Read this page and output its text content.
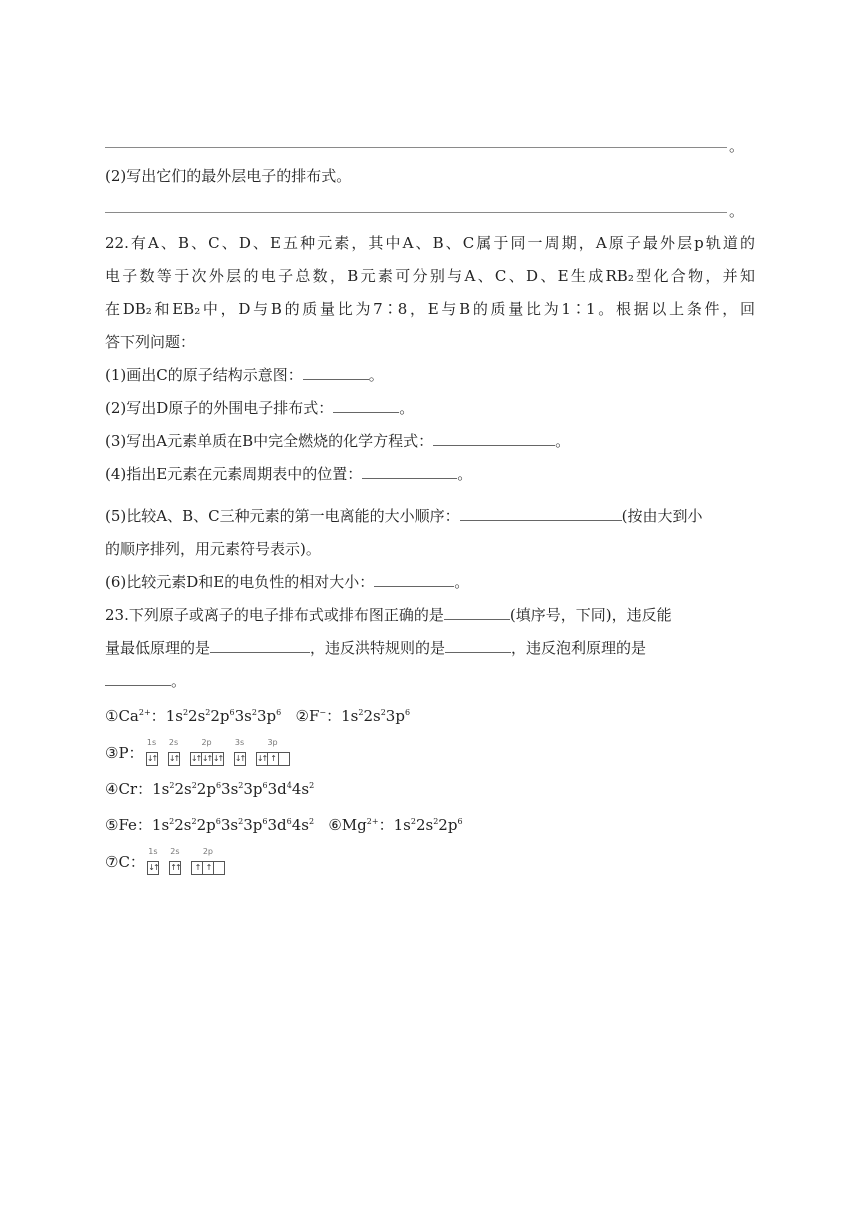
。
(2)写出它们的最外层电子的排布式。
。
22.有A、B、C、D、E五种元素，其中A、B、C属于同一周期，A原子最外层p轨道的
电子数等于次外层的电子总数，B元素可分别与A、C、D、E生成RB₂型化合物，并知
在DB₂和EB₂中，D与B的质量比为7∶8，E与B的质量比为1∶1。根据以上条件，回
答下列问题：
(1)画出C的原子结构示意图：	。
(2)写出D原子的外围电子排布式：	。
(3)写出A元素单质在B中完全燃烧的化学方程式：	。
(4)指出E元素在元素周期表中的位置：	。
(5)比较A、B、C三种元素的第一电离能的大小顺序：	(按由大到小
的顺序排列，用元素符号表示)。
(6)比较元素D和E的电负性的相对大小：	。
23.下列原子或离子的电子排布式或排布图正确的是	(填序号，下同)，违反能
量最低原理的是	，违反洪特规则的是	，违反泡利原理的是
。
$①Ca^{2+}$：$1s^22s^22p^63s^23p^6$ ②F−：$1s^22s^23p^6$
③P：
1s
↓↑
2s
↓↑
2p
↓↑ ↓↑ ↓↑
3s
↓↑
3p
↓↑ ↑
④Cr：$1s^22s^22p^63s^23p^63d^44s^2$
⑤Fe：$1s^22s^22p^63s^23p^63d^64s^2$ $⑥Mg^{2+}$：$1s^22s^22p^6$
⑦C：
1s
↓↑
2s
↑↑
2p
↑ ↑
